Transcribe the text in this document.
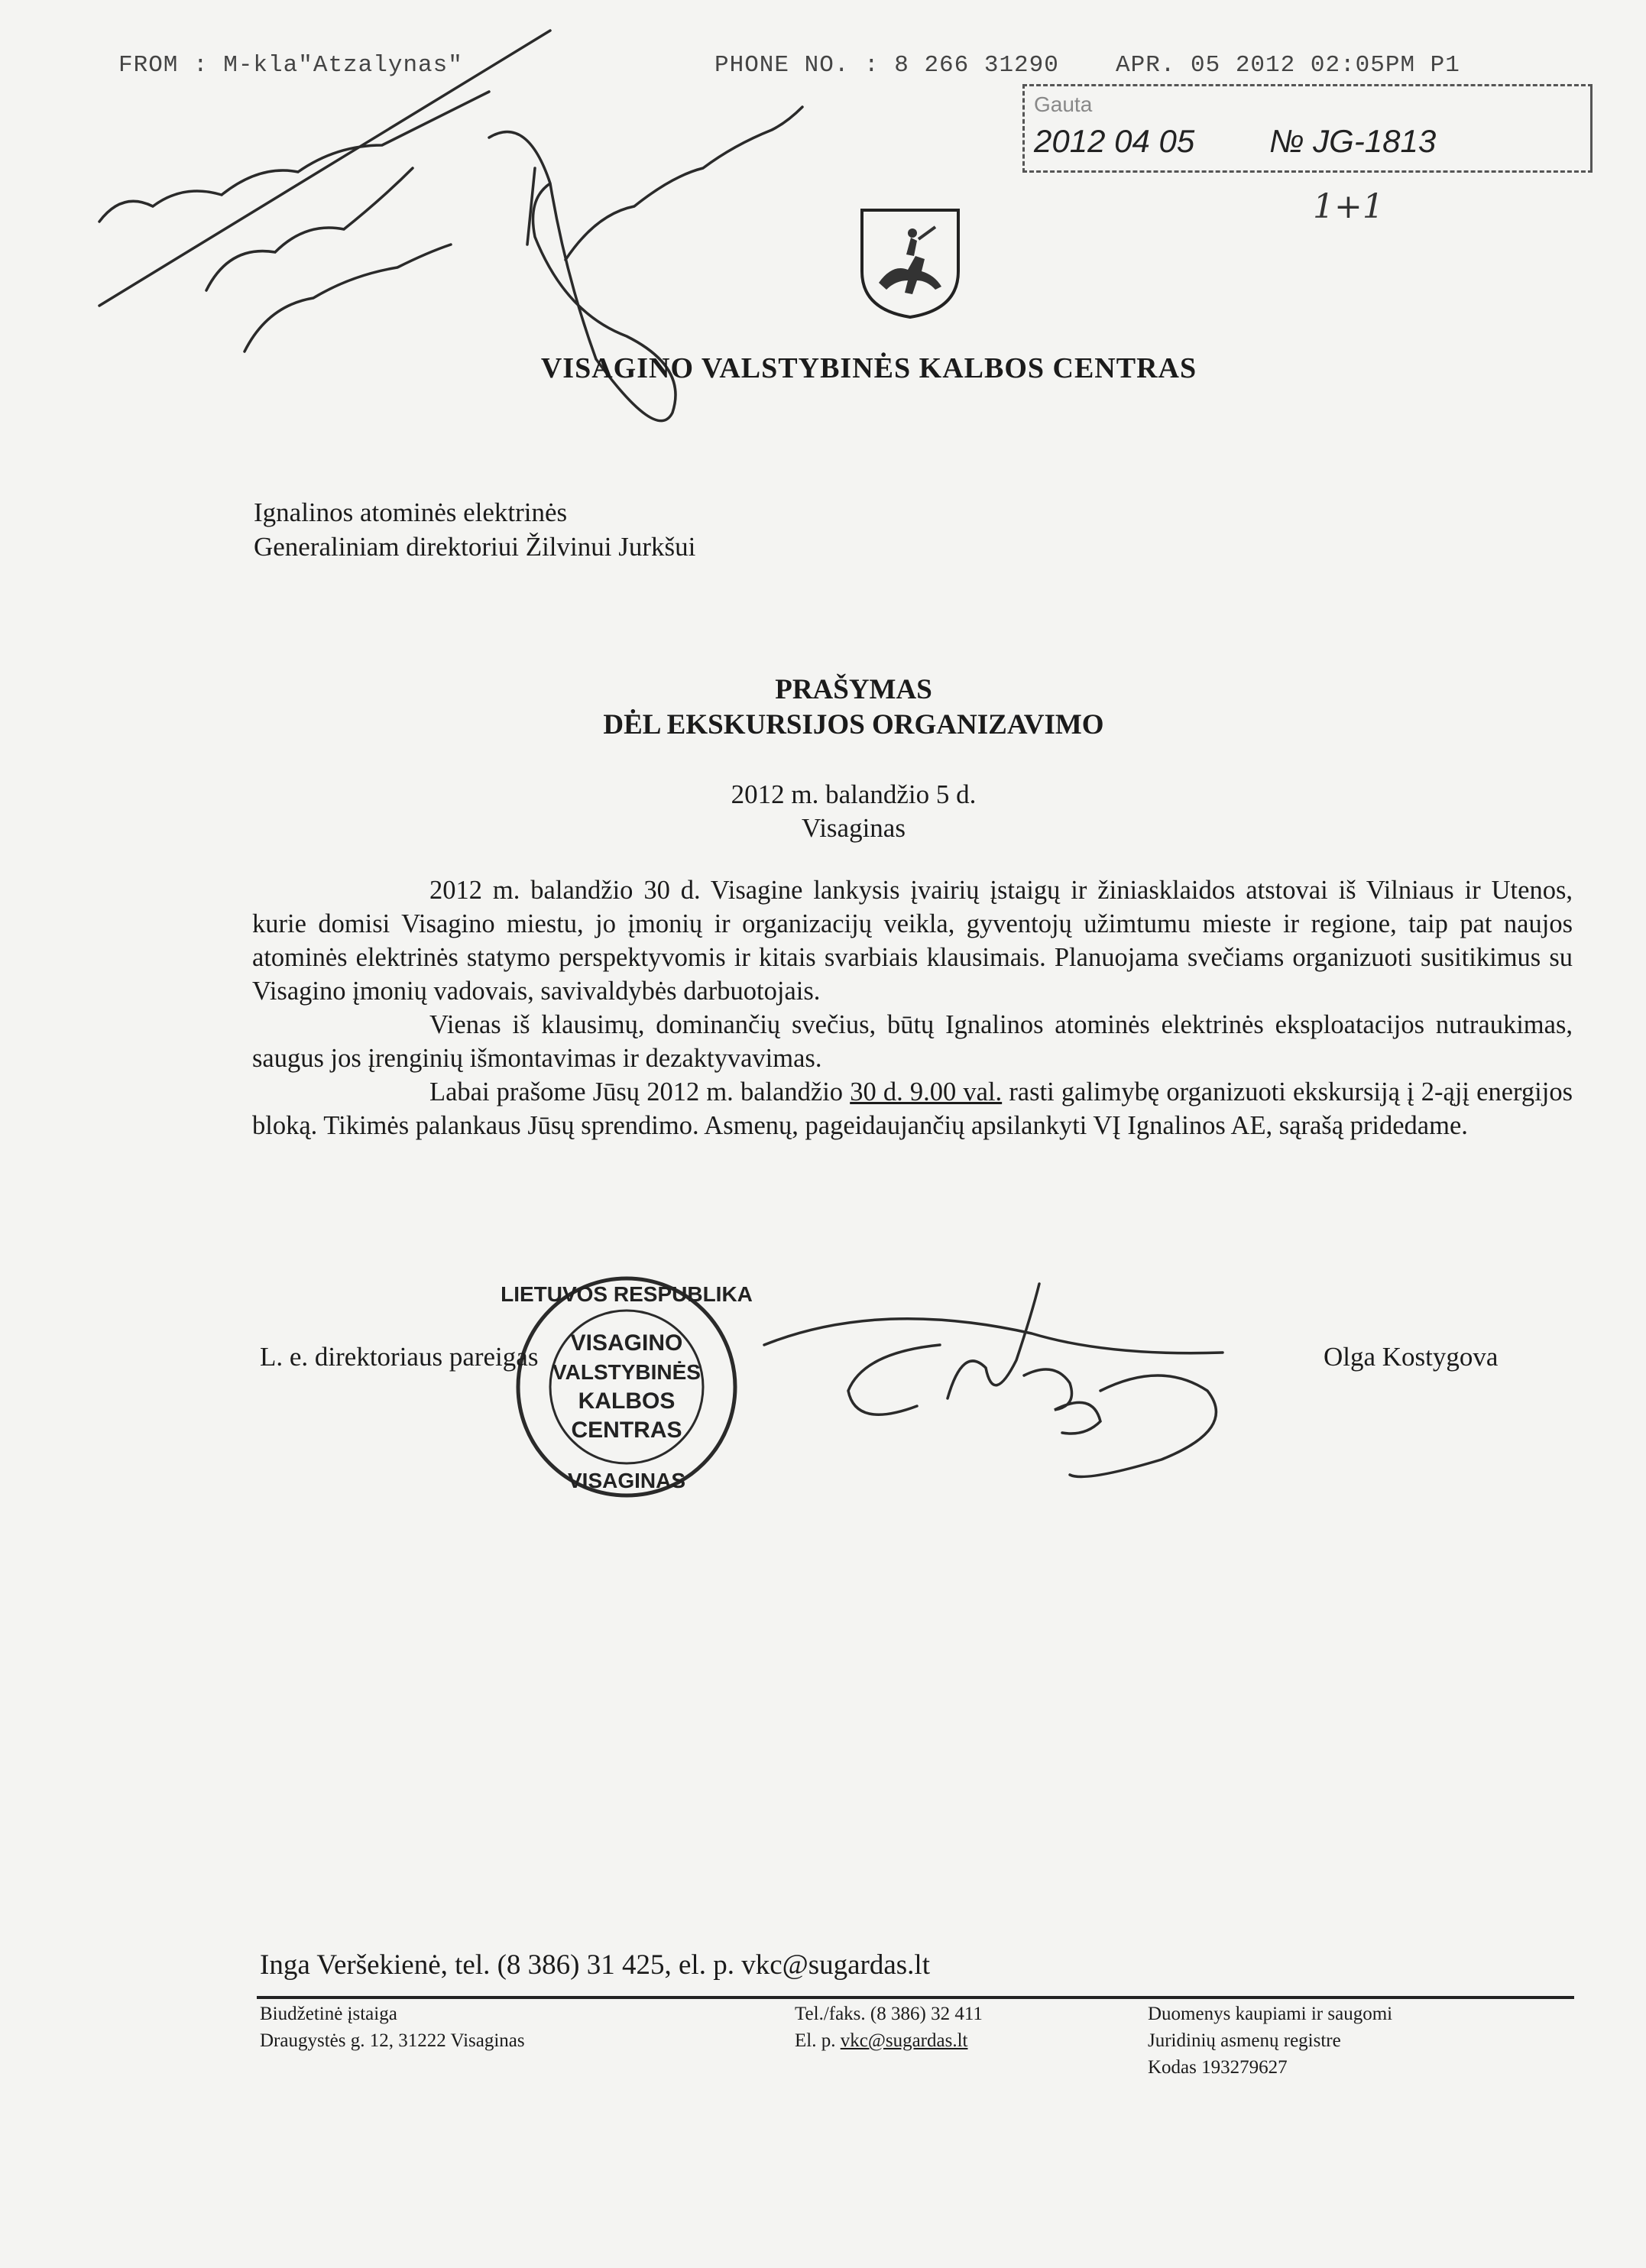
FROM : M-kla"Atzalynas"	PHONE NO. : 8 266 31290 APR. 05 2012 02:05PM P1
Gauta
2012 04 05 № JG-1813
1+1
LIETUVOS RESPUBLIKA
VISAGINAS
VISAGINO
VALSTYBINĖS
KALBOS
CENTRAS
VISAGINO VALSTYBINĖS KALBOS CENTRAS
Ignalinos atominės elektrinės
Generaliniam direktoriui Žilvinui Jurkšui
PRAŠYMAS
DĖL EKSKURSIJOS ORGANIZAVIMO
2012 m. balandžio 5 d.
Visaginas

2012 m. balandžio 30 d. Visagine lankysis įvairių įstaigų ir žiniasklaidos atstovai iš Vilniaus ir Utenos, kurie domisi Visagino miestu, jo įmonių ir organizacijų veikla, gyventojų užimtumu mieste ir regione, taip pat naujos atominės elektrinės statymo perspektyvomis ir kitais svarbiais klausimais. Planuojama svečiams organizuoti susitikimus su Visagino įmonių vadovais, savivaldybės darbuotojais.

Vienas iš klausimų, dominančių svečius, būtų Ignalinos atominės elektrinės eksploatacijos nutraukimas, saugus jos įrenginių išmontavimas ir dezaktyvavimas.

Labai prašome Jūsų 2012 m. balandžio 30 d. 9.00 val. rasti galimybę organizuoti ekskursiją į 2-ąjį energijos bloką. Tikimės palankaus Jūsų sprendimo. Asmenų, pageidaujančių apsilankyti VĮ Ignalinos AE, sąrašą pridedame.

L. e. direktoriaus pareigas	Olga Kostygova
Inga Veršekienė, tel. (8 386) 31 425, el. p. vkc@sugardas.lt
Biudžetinė įstaiga
Draugystės g. 12, 31222 Visaginas
Tel./faks. (8 386) 32 411
El. p. vkc@sugardas.lt
Duomenys kaupiami ir saugomi
Juridinių asmenų registre
Kodas 193279627
